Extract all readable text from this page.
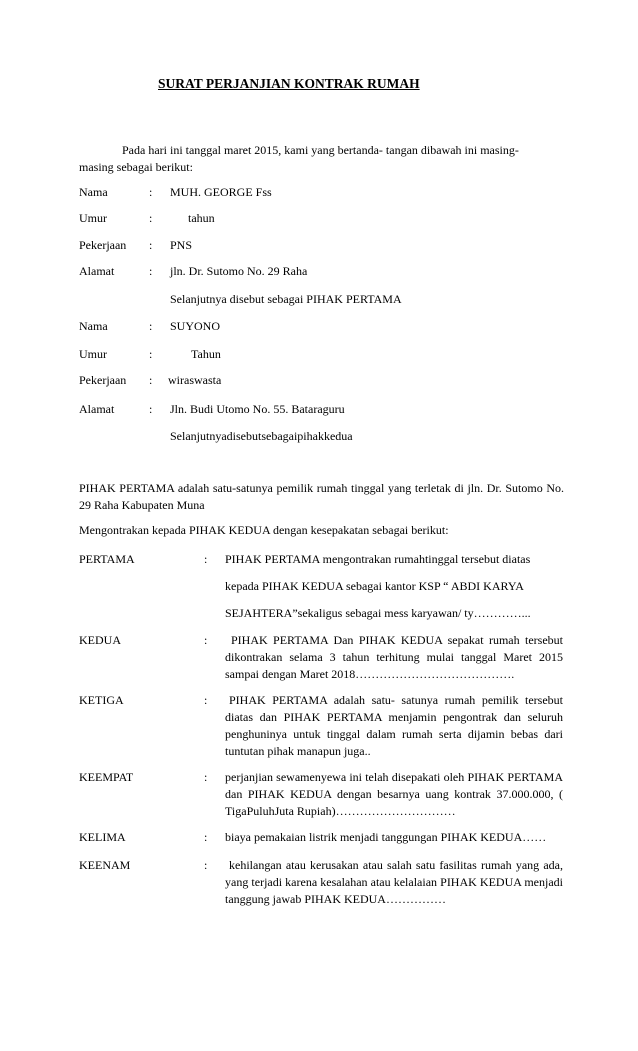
SURAT PERJANJIAN KONTRAK RUMAH
Pada hari ini tanggal maret 2015, kami yang bertanda- tangan dibawah ini masing-masing sebagai berikut:
Nama	: MUH. GEORGE Fss
Umur	:	tahun
Pekerjaan : PNS
Alamat	: jln. Dr. Sutomo No. 29 Raha
Selanjutnya disebut sebagai PIHAK PERTAMA
Nama	: SUYONO
Umur	:	Tahun
Pekerjaan : wiraswasta
Alamat	: Jln. Budi Utomo No. 55. Bataraguru
Selanjutnyadisebutsebagaipihakkedua
PIHAK PERTAMA adalah satu-satunya pemilik rumah tinggal yang terletak di jln. Dr. Sutomo No. 29 Raha Kabupaten Muna
Mengontrakan kepada PIHAK KEDUA dengan kesepakatan sebagai berikut:
PERTAMA	: PIHAK PERTAMA mengontrakan rumahtinggal tersebut diatas
kepada PIHAK KEDUA sebagai kantor KSP “ ABDI KARYA
SEJAHTERA”sekaligus sebagai mess karyawan/ ty…………...
KEDUA	:	PIHAK PERTAMA Dan PIHAK KEDUA sepakat rumah tersebut dikontrakan selama 3 tahun terhitung mulai tanggal Maret 2015 sampai dengan Maret 2018………………………………….
KETIGA	:	PIHAK PERTAMA adalah satu- satunya rumah pemilik tersebut diatas dan PIHAK PERTAMA menjamin pengontrak dan seluruh penghuninya untuk tinggal dalam rumah serta dijamin bebas dari tuntutan pihak manapun juga..
KEEMPAT	: perjanjian sewamenyewa ini telah disepakati oleh PIHAK PERTAMA dan PIHAK KEDUA dengan besarnya uang kontrak 37.000.000, ( TigaPuluhJuta Rupiah)…………………………
KELIMA	: biaya pemakaian listrik menjadi tanggungan PIHAK KEDUA……
KEENAM	:	kehilangan atau kerusakan atau salah satu fasilitas rumah yang ada, yang terjadi karena kesalahan atau kelalaian PIHAK KEDUA menjadi tanggung jawab PIHAK KEDUA……………
